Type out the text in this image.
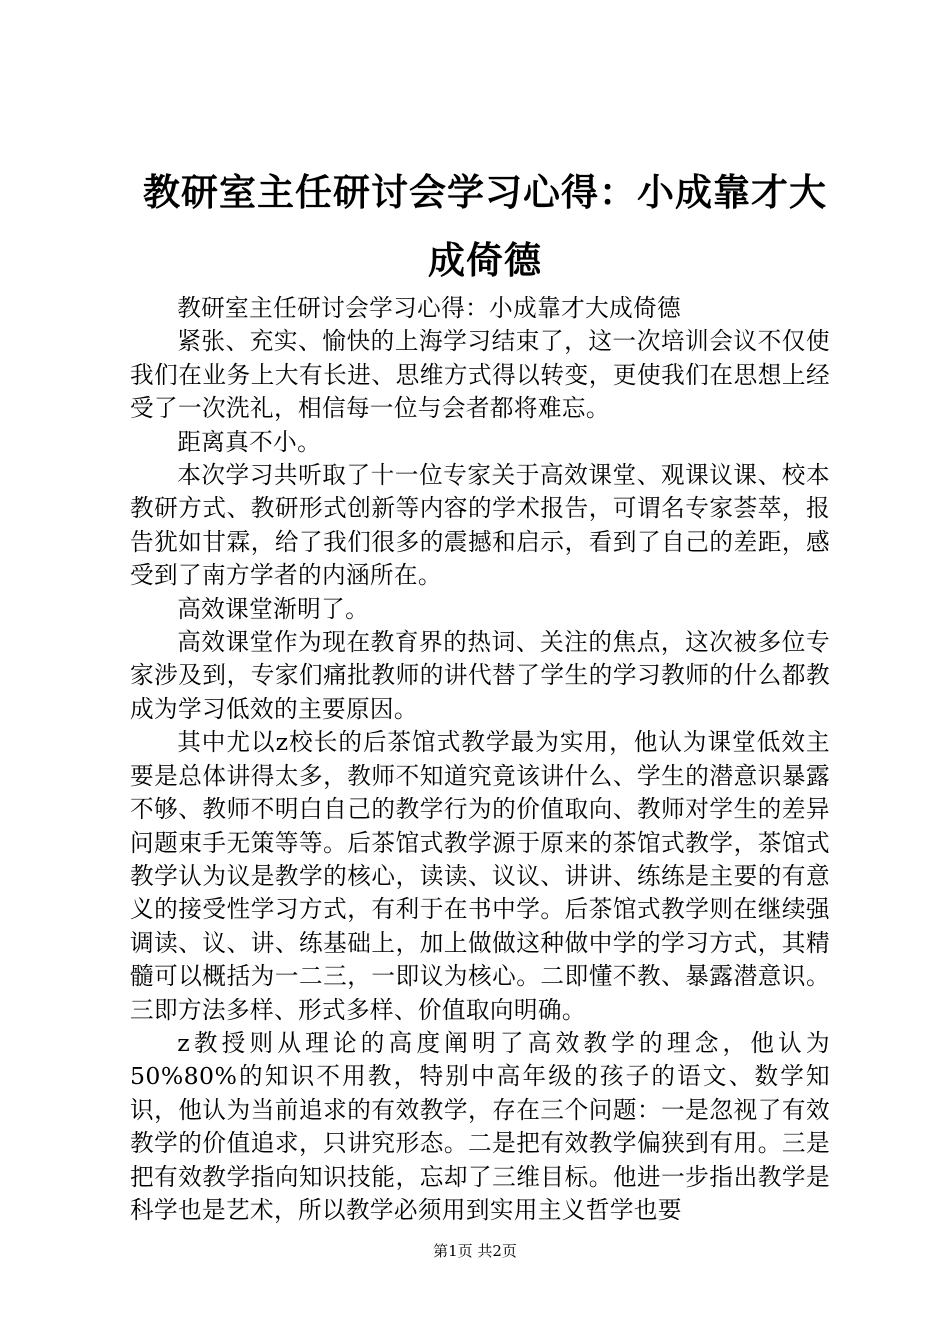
教研室主任研讨会学习心得：小成靠才大成倚德

教研室主任研讨会学习心得：小成靠才大成倚德

紧张、充实、愉快的上海学习结束了，这一次培训会议不仅使我们在业务上大有长进、思维方式得以转变，更使我们在思想上经受了一次洗礼，相信每一位与会者都将难忘。

距离真不小。

本次学习共听取了十一位专家关于高效课堂、观课议课、校本教研方式、教研形式创新等内容的学术报告，可谓名专家荟萃，报告犹如甘霖，给了我们很多的震撼和启示，看到了自己的差距，感受到了南方学者的内涵所在。

高效课堂渐明了。

高效课堂作为现在教育界的热词、关注的焦点，这次被多位专家涉及到，专家们痛批教师的讲代替了学生的学习教师的什么都教成为学习低效的主要原因。

其中尤以z校长的后茶馆式教学最为实用，他认为课堂低效主要是总体讲得太多，教师不知道究竟该讲什么、学生的潜意识暴露不够、教师不明白自己的教学行为的价值取向、教师对学生的差异问题束手无策等等。后茶馆式教学源于原来的茶馆式教学，茶馆式教学认为议是教学的核心，读读、议议、讲讲、练练是主要的有意义的接受性学习方式，有利于在书中学。后茶馆式教学则在继续强调读、议、讲、练基础上，加上做做这种做中学的学习方式，其精髓可以概括为一二三，一即议为核心。二即懂不教、暴露潜意识。三即方法多样、形式多样、价值取向明确。

z教授则从理论的高度阐明了高效教学的理念，他认为50%80%的知识不用教，特别中高年级的孩子的语文、数学知识，他认为当前追求的有效教学，存在三个问题：一是忽视了有效教学的价值追求，只讲究形态。二是把有效教学偏狭到有用。三是把有效教学指向知识技能，忘却了三维目标。他进一步指出教学是科学也是艺术，所以教学必须用到实用主义哲学也要

第1页 共2页
